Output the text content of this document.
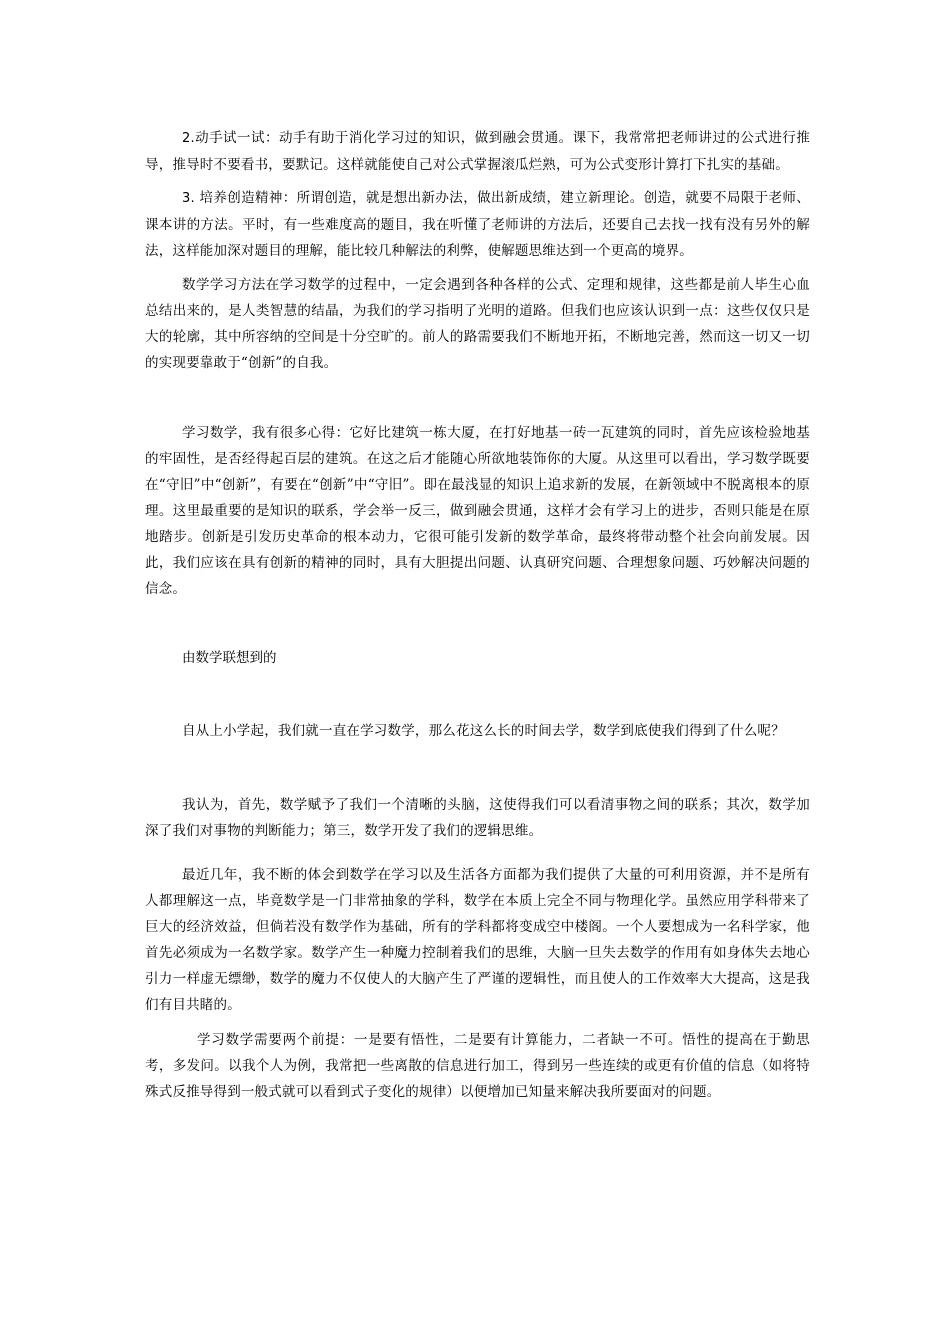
2.动手试一试：动手有助于消化学习过的知识，做到融会贯通。课下，我常常把老师讲过的公式进行推导，推导时不要看书，要默记。这样就能使自己对公式掌握滚瓜烂熟，可为公式变形计算打下扎实的基础。

3. 培养创造精神：所谓创造，就是想出新办法，做出新成绩，建立新理论。创造，就要不局限于老师、课本讲的方法。平时，有一些难度高的题目，我在听懂了老师讲的方法后，还要自己去找一找有没有另外的解法，这样能加深对题目的理解，能比较几种解法的利弊，使解题思维达到一个更高的境界。

数学学习方法在学习数学的过程中，一定会遇到各种各样的公式、定理和规律，这些都是前人毕生心血总结出来的，是人类智慧的结晶，为我们的学习指明了光明的道路。但我们也应该认识到一点：这些仅仅只是大的轮廓，其中所容纳的空间是十分空旷的。前人的路需要我们不断地开拓，不断地完善，然而这一切又一切的实现要靠敢于“创新”的自我。

学习数学，我有很多心得：它好比建筑一栋大厦，在打好地基一砖一瓦建筑的同时，首先应该检验地基的牢固性，是否经得起百层的建筑。在这之后才能随心所欲地装饰你的大厦。从这里可以看出，学习数学既要在“守旧”中“创新”，有要在“创新”中“守旧”。即在最浅显的知识上追求新的发展，在新领域中不脱离根本的原理。这里最重要的是知识的联系，学会举一反三，做到融会贯通，这样才会有学习上的进步，否则只能是在原地踏步。创新是引发历史革命的根本动力，它很可能引发新的数学革命，最终将带动整个社会向前发展。因此，我们应该在具有创新的精神的同时，具有大胆提出问题、认真研究问题、合理想象问题、巧妙解决问题的信念。

由数学联想到的

自从上小学起，我们就一直在学习数学，那么花这么长的时间去学，数学到底使我们得到了什么呢？

我认为，首先，数学赋予了我们一个清晰的头脑，这使得我们可以看清事物之间的联系；其次，数学加深了我们对事物的判断能力；第三，数学开发了我们的逻辑思维。

最近几年，我不断的体会到数学在学习以及生活各方面都为我们提供了大量的可利用资源，并不是所有人都理解这一点，毕竟数学是一门非常抽象的学科，数学在本质上完全不同与物理化学。虽然应用学科带来了巨大的经济效益，但倘若没有数学作为基础，所有的学科都将变成空中楼阁。一个人要想成为一名科学家，他首先必须成为一名数学家。数学产生一种魔力控制着我们的思维，大脑一旦失去数学的作用有如身体失去地心引力一样虚无缥缈，数学的魔力不仅使人的大脑产生了严谨的逻辑性，而且使人的工作效率大大提高，这是我们有目共睹的。

学习数学需要两个前提：一是要有悟性，二是要有计算能力，二者缺一不可。悟性的提高在于勤思考，多发问。以我个人为例，我常把一些离散的信息进行加工，得到另一些连续的或更有价值的信息（如将特殊式反推导得到一般式就可以看到式子变化的规律）以便增加已知量来解决我所要面对的问题。
